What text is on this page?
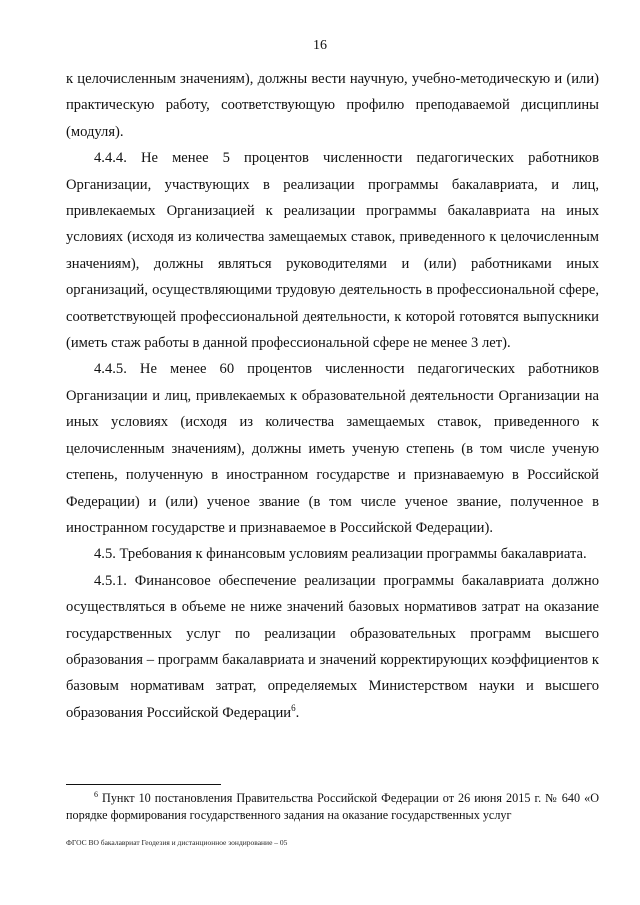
16

к целочисленным значениям), должны вести научную, учебно-методическую и (или) практическую работу, соответствующую профилю преподаваемой дисциплины (модуля).

4.4.4. Не менее 5 процентов численности педагогических работников Организации, участвующих в реализации программы бакалавриата, и лиц, привлекаемых Организацией к реализации программы бакалавриата на иных условиях (исходя из количества замещаемых ставок, приведенного к целочисленным значениям), должны являться руководителями и (или) работниками иных организаций, осуществляющими трудовую деятельность в профессиональной сфере, соответствующей профессиональной деятельности, к которой готовятся выпускники (иметь стаж работы в данной профессиональной сфере не менее 3 лет).

4.4.5. Не менее 60 процентов численности педагогических работников Организации и лиц, привлекаемых к образовательной деятельности Организации на иных условиях (исходя из количества замещаемых ставок, приведенного к целочисленным значениям), должны иметь ученую степень (в том числе ученую степень, полученную в иностранном государстве и признаваемую в Российской Федерации) и (или) ученое звание (в том числе ученое звание, полученное в иностранном государстве и признаваемое в Российской Федерации).

4.5. Требования к финансовым условиям реализации программы бакалавриата.

4.5.1. Финансовое обеспечение реализации программы бакалавриата должно осуществляться в объеме не ниже значений базовых нормативов затрат на оказание государственных услуг по реализации образовательных программ высшего образования – программ бакалавриата и значений корректирующих коэффициентов к базовым нормативам затрат, определяемых Министерством науки и высшего образования Российской Федерации$^6$.

$^6$ Пункт 10 постановления Правительства Российской Федерации от 26 июня 2015 г. № 640 «О порядке формирования государственного задания на оказание государственных услуг

ФГОС ВО бакалавриат Геодезия и дистанционное зондирование – 05
